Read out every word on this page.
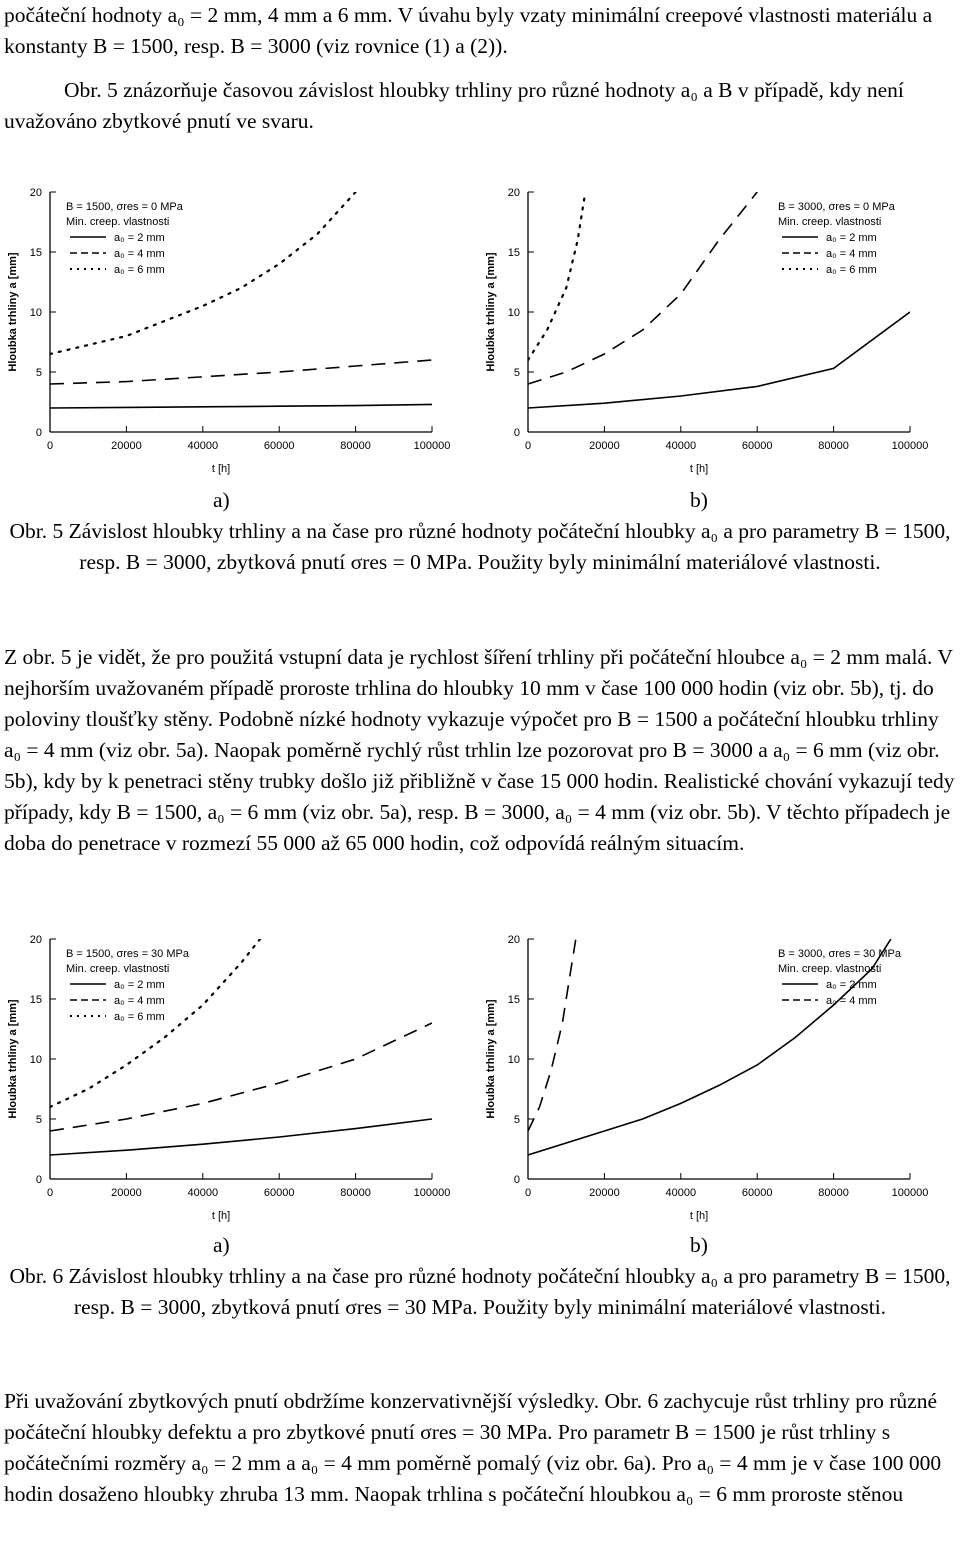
počáteční hodnoty a₀ = 2 mm, 4 mm a 6 mm. V úvahu byly vzaty minimální creepové vlastnosti materiálu a konstanty B = 1500, resp. B = 3000 (viz rovnice (1) a (2)).
Obr. 5 znázorňuje časovou závislost hloubky trhliny pro různé hodnoty a₀ a B v případě, kdy není uvažováno zbytkové pnutí ve svaru.
0
5
10
15
20
0	20000	40000	60000	80000	100000
t [h]
Hloubka trhliny a [mm]
B = 1500, σres = 0 MPa
Min. creep. vlastnosti
a₀ = 2 mm
a₀ = 4 mm
a₀ = 6 mm
0
5
10
15
20
0	20000	40000	60000	80000	100000
t [h]
Hloubka trhliny a [mm]
B = 3000, σres = 0 MPa
Min. creep. vlastnosti
a₀ = 2 mm
a₀ = 4 mm
a₀ = 6 mm
a)	b)
Obr. 5 Závislost hloubky trhliny a na čase pro různé hodnoty počáteční hloubky a₀ a pro parametry B = 1500, resp. B = 3000, zbytková pnutí σres = 0 MPa. Použity byly minimální materiálové vlastnosti.
Z obr. 5 je vidět, že pro použitá vstupní data je rychlost šíření trhliny při počáteční hloubce a₀ = 2 mm malá. V nejhorším uvažovaném případě proroste trhlina do hloubky 10 mm v čase 100 000 hodin (viz obr. 5b), tj. do poloviny tloušťky stěny. Podobně nízké hodnoty vykazuje výpočet pro B = 1500 a počáteční hloubku trhliny a₀ = 4 mm (viz obr. 5a). Naopak poměrně rychlý růst trhlin lze pozorovat pro B = 3000 a a₀ = 6 mm (viz obr. 5b), kdy by k penetraci stěny trubky došlo již přibližně v čase 15 000 hodin. Realistické chování vykazují tedy případy, kdy B = 1500, a₀ = 6 mm (viz obr. 5a), resp. B = 3000, a₀ = 4 mm (viz obr. 5b). V těchto případech je doba do penetrace v rozmezí 55 000 až 65 000 hodin, což odpovídá reálným situacím.
0
5
10
15
20
0	20000	40000	60000	80000	100000
t [h]
Hloubka trhliny a [mm]
B = 1500, σres = 30 MPa
Min. creep. vlastnosti
a₀ = 2 mm
a₀ = 4 mm
a₀ = 6 mm
0
5
10
15
20
0	20000	40000	60000	80000	100000
t [h]
Hloubka trhliny a [mm]
B = 3000, σres = 30 MPa
Min. creep. vlastnosti
a₀ = 2 mm
a₀ = 4 mm
a)	b)
Obr. 6 Závislost hloubky trhliny a na čase pro různé hodnoty počáteční hloubky a₀ a pro parametry B = 1500, resp. B = 3000, zbytková pnutí σres = 30 MPa. Použity byly minimální materiálové vlastnosti.
Při uvažování zbytkových pnutí obdržíme konzervativnější výsledky. Obr. 6 zachycuje růst trhliny pro různé počáteční hloubky defektu a pro zbytkové pnutí σres = 30 MPa. Pro parametr B = 1500 je růst trhliny s počátečními rozměry a₀ = 2 mm a a₀ = 4 mm poměrně pomalý (viz obr. 6a). Pro a₀ = 4 mm je v čase 100 000 hodin dosaženo hloubky zhruba 13 mm. Naopak trhlina s počáteční hloubkou a₀ = 6 mm proroste stěnou
